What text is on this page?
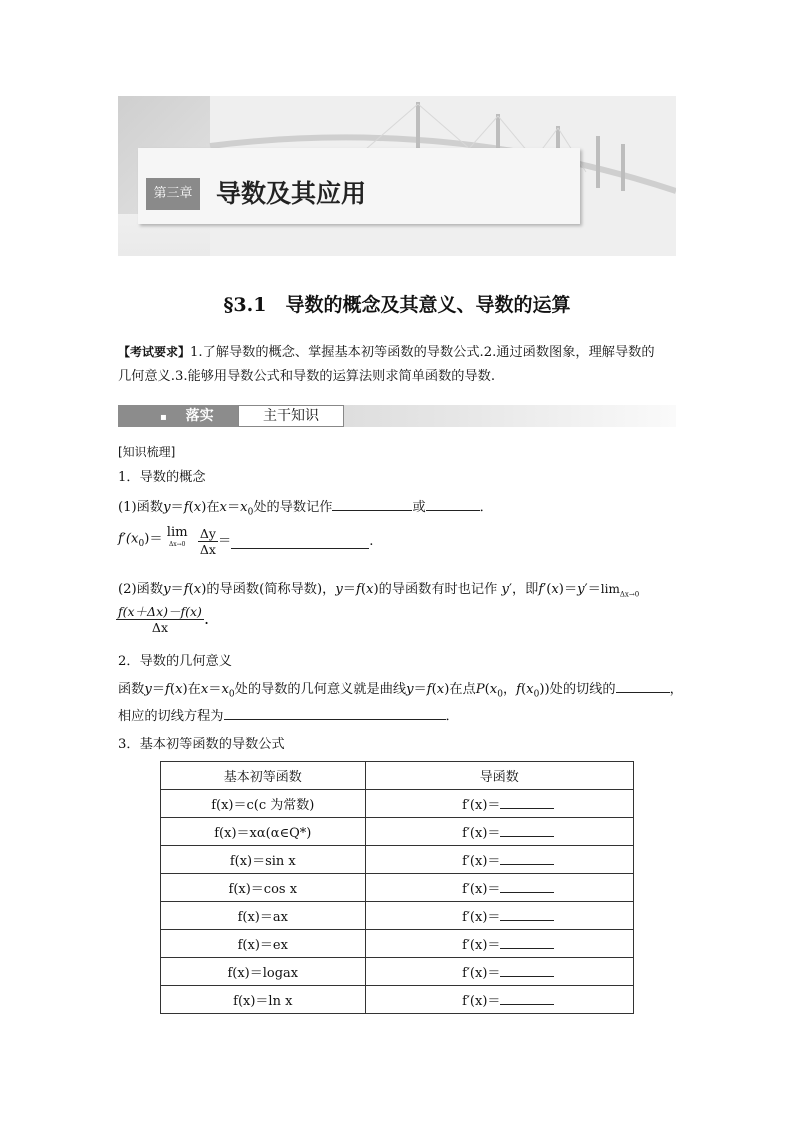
第三章 导数及其应用
§3.1　导数的概念及其意义、导数的运算
【考试要求】1.了解导数的概念、掌握基本初等函数的导数公式.2.通过函数图象，理解导数的
几何意义.3.能够用导数公式和导数的运算法则求简单函数的导数.
▪ 落实	主干知识
[知识梳理]
1．导数的概念
(1)函数y＝f(x)在$x=x_0$处的导数记作	或	．
$f'(x_0)= \lim$
Δx→0
$\frac{\Delta y}{\Delta x}$ ＝	.
(2)函数y＝f(x)的导函数(简称导数)，y＝f(x)的导函数有时也记作 y′，即$f'(x)=y'=\lim_{\Delta x\to 0}$
$\frac{f(x+\Delta x)-f(x)}{\Delta x}$ .
2．导数的几何意义
函数y＝f(x)在$x=x_0$处的导数的几何意义就是曲线y＝f(x)在点$P(x_0$，$f(x_0)$)处的切线的	，
相应的切线方程为	．
3．基本初等函数的导数公式
基本初等函数	导函数
f(x)＝c(c 为常数)	f′(x)＝
f(x)＝xα(α∈Q*)	f′(x)＝
f(x)＝sin x	f′(x)＝
f(x)＝cos x	f′(x)＝
f(x)＝ax	f′(x)＝
f(x)＝ex	f′(x)＝
f(x)＝logax	f′(x)＝
f(x)＝ln x	f′(x)＝
